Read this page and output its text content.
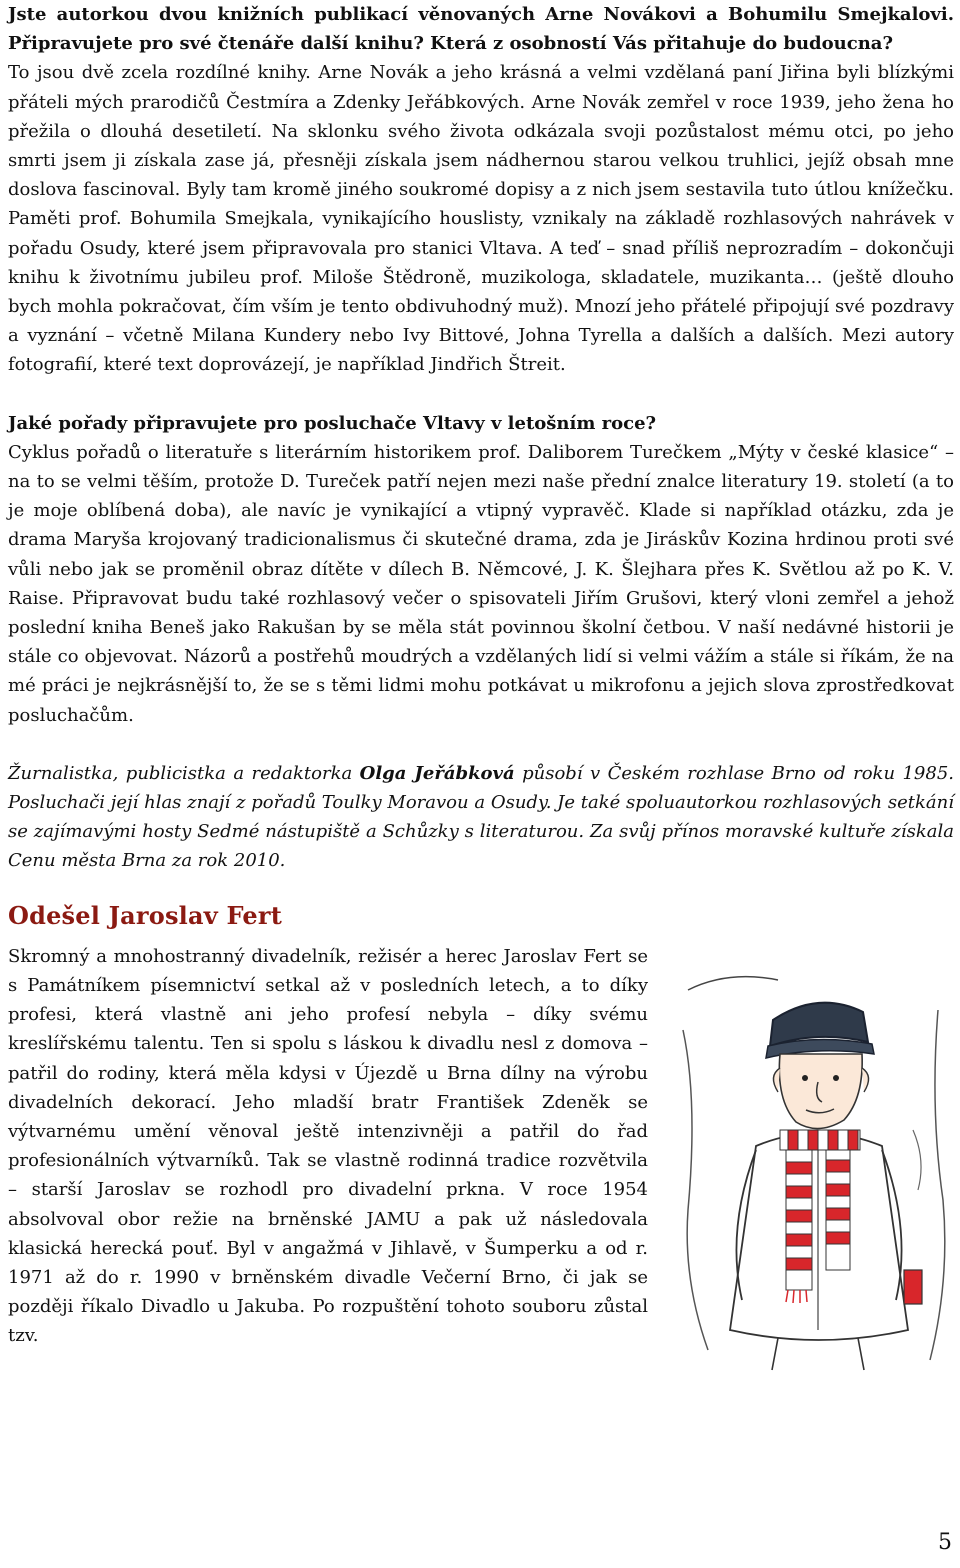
Jste autorkou dvou knižních publikací věnovaných Arne Novákovi a Bohumilu Smejkalovi. Připravujete pro své čtenáře další knihu? Která z osobností Vás přitahuje do budoucna?
To jsou dvě zcela rozdílné knihy. Arne Novák a jeho krásná a velmi vzdělaná paní Jiřina byli blízkými přáteli mých prarodičů Čestmíra a Zdenky Jeřábkových. Arne Novák zemřel v roce 1939, jeho žena ho přežila o dlouhá desetiletí. Na sklonku svého života odkázala svoji pozůstalost mému otci, po jeho smrti jsem ji získala zase já, přesněji získala jsem nádhernou starou velkou truhlici, jejíž obsah mne doslova fascinoval. Byly tam kromě jiného soukromé dopisy a z nich jsem sestavila tuto útlou knížečku. Paměti prof. Bohumila Smejkala, vynikajícího houslisty, vznikaly na základě rozhlasových nahrávek v pořadu Osudy, které jsem připravovala pro stanici Vltava. A teď – snad příliš neprozradím – dokončuji knihu k životnímu jubileu prof. Miloše Štědroně, muzikologa, skladatele, muzikanta… (ještě dlouho bych mohla pokračovat, čím vším je tento obdivuhodný muž). Mnozí jeho přátelé připojují své pozdravy a vyznání – včetně Milana Kundery nebo Ivy Bittové, Johna Tyrella a dalších a dalších. Mezi autory fotografií, které text doprovázejí, je například Jindřich Štreit.

Jaké pořady připravujete pro posluchače Vltavy v letošním roce?
Cyklus pořadů o literatuře s literárním historikem prof. Daliborem Turečkem „Mýty v české klasice“ – na to se velmi těším, protože D. Tureček patří nejen mezi naše přední znalce literatury 19. století (a to je moje oblíbená doba), ale navíc je vynikající a vtipný vypravěč. Klade si například otázku, zda je drama Maryša krojovaný tradicionalismus či skutečné drama, zda je Jiráskův Kozina hrdinou proti své vůli nebo jak se proměnil obraz dítěte v dílech B. Němcové, J. K. Šlejhara přes K. Světlou až po K. V. Raise. Připravovat budu také rozhlasový večer o spisovateli Jiřím Grušovi, který vloni zemřel a jehož poslední kniha Beneš jako Rakušan by se měla stát povinnou školní četbou. V naší nedávné historii je stále co objevovat. Názorů a postřehů moudrých a vzdělaných lidí si velmi vážím a stále si říkám, že na mé práci je nejkrásnější to, že se s těmi lidmi mohu potkávat u mikrofonu a jejich slova zprostředkovat posluchačům.

Žurnalistka, publicistka a redaktorka Olga Jeřábková působí v Českém rozhlase Brno od roku 1985. Posluchači její hlas znají z pořadů Toulky Moravou a Osudy. Je také spoluautorkou rozhlasových setkání se zajímavými hosty Sedmé nástupiště a Schůzky s literaturou. Za svůj přínos moravské kultuře získala Cenu města Brna za rok 2010.

Odešel Jaroslav Fert

Skromný a mnohostranný divadelník, režisér a herec Jaroslav Fert se s Památníkem písemnictví setkal až v posledních letech, a to díky profesi, která vlastně ani jeho profesí nebyla – díky svému kreslířskému talentu. Ten si spolu s láskou k divadlu nesl z domova – patřil do rodiny, která měla kdysi v Újezdě u Brna dílny na výrobu divadelních dekorací. Jeho mladší bratr František Zdeněk se výtvarnému umění věnoval ještě intenzivněji a patřil do řad profesionálních výtvarníků. Tak se vlastně rodinná tradice rozvětvila – starší Jaroslav se rozhodl pro divadelní prkna. V roce 1954 absolvoval obor režie na brněnské JAMU a pak už následovala klasická herecká pouť. Byl v angažmá v Jihlavě, v Šumperku a od r. 1971 až do r. 1990 v brněnském divadle Večerní Brno, či jak se později říkalo Divadlo u Jakuba. Po rozpuštění tohoto souboru zůstal tzv.

5
